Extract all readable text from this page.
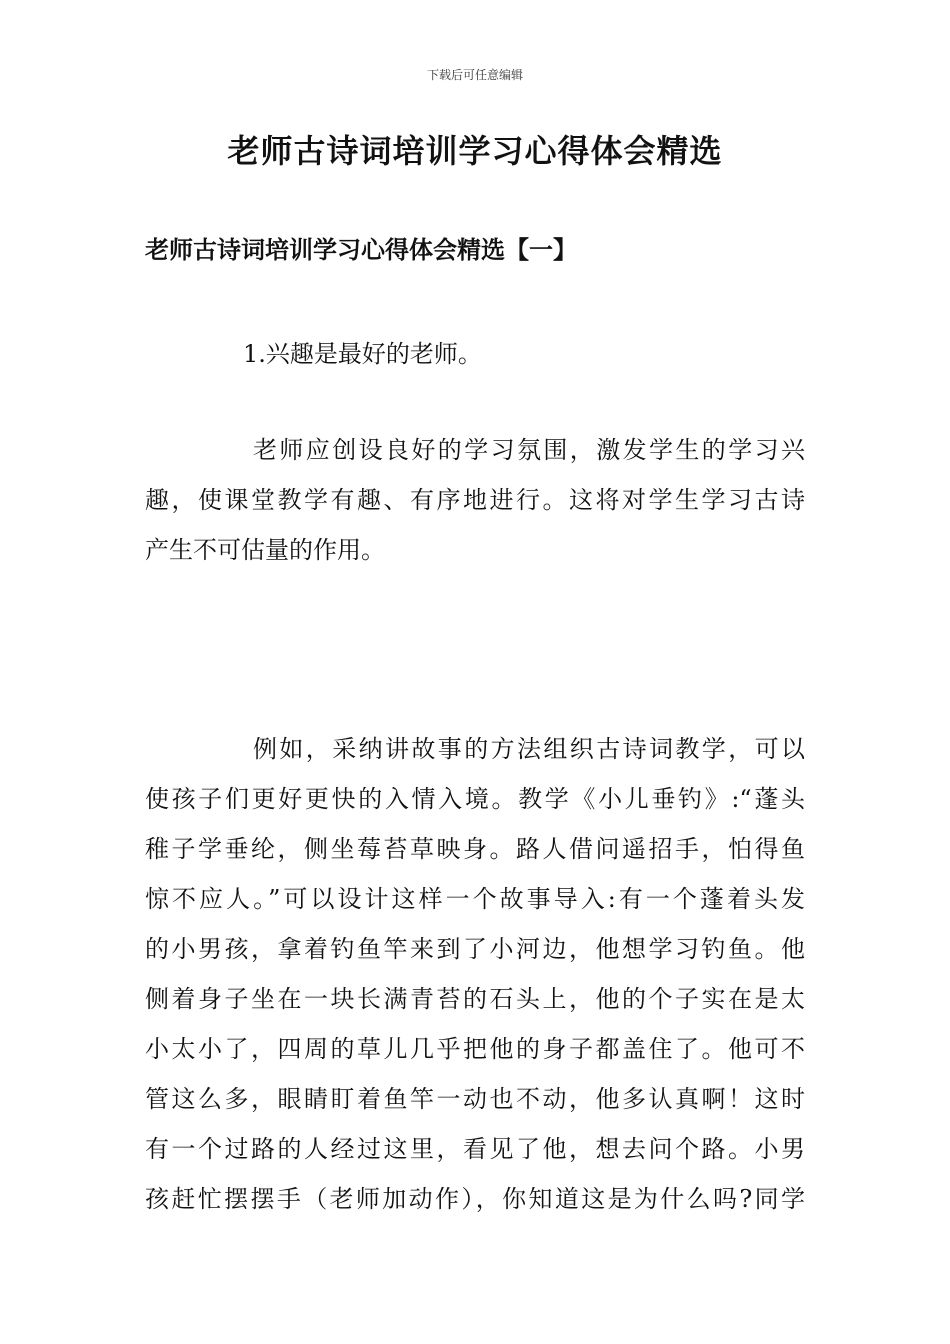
下载后可任意编辑
老师古诗词培训学习心得体会精选
老师古诗词培训学习心得体会精选【一】

1.兴趣是最好的老师。

老师应创设良好的学习氛围，激发学生的学习兴
趣，使课堂教学有趣、有序地进行。这将对学生学习古诗
产生不可估量的作用。
例如，采纳讲故事的方法组织古诗词教学，可以
使孩子们更好更快的入情入境。教学《小儿垂钓》:“蓬头
稚子学垂纶，侧坐莓苔草映身。路人借问遥招手，怕得鱼
惊不应人。”可以设计这样一个故事导入:有一个蓬着头发
的小男孩，拿着钓鱼竿来到了小河边，他想学习钓鱼。他
侧着身子坐在一块长满青苔的石头上，他的个子实在是太
小太小了，四周的草儿几乎把他的身子都盖住了。他可不
管这么多，眼睛盯着鱼竿一动也不动，他多认真啊！这时
有一个过路的人经过这里，看见了他，想去问个路。小男
孩赶忙摆摆手（老师加动作），你知道这是为什么吗?同学
